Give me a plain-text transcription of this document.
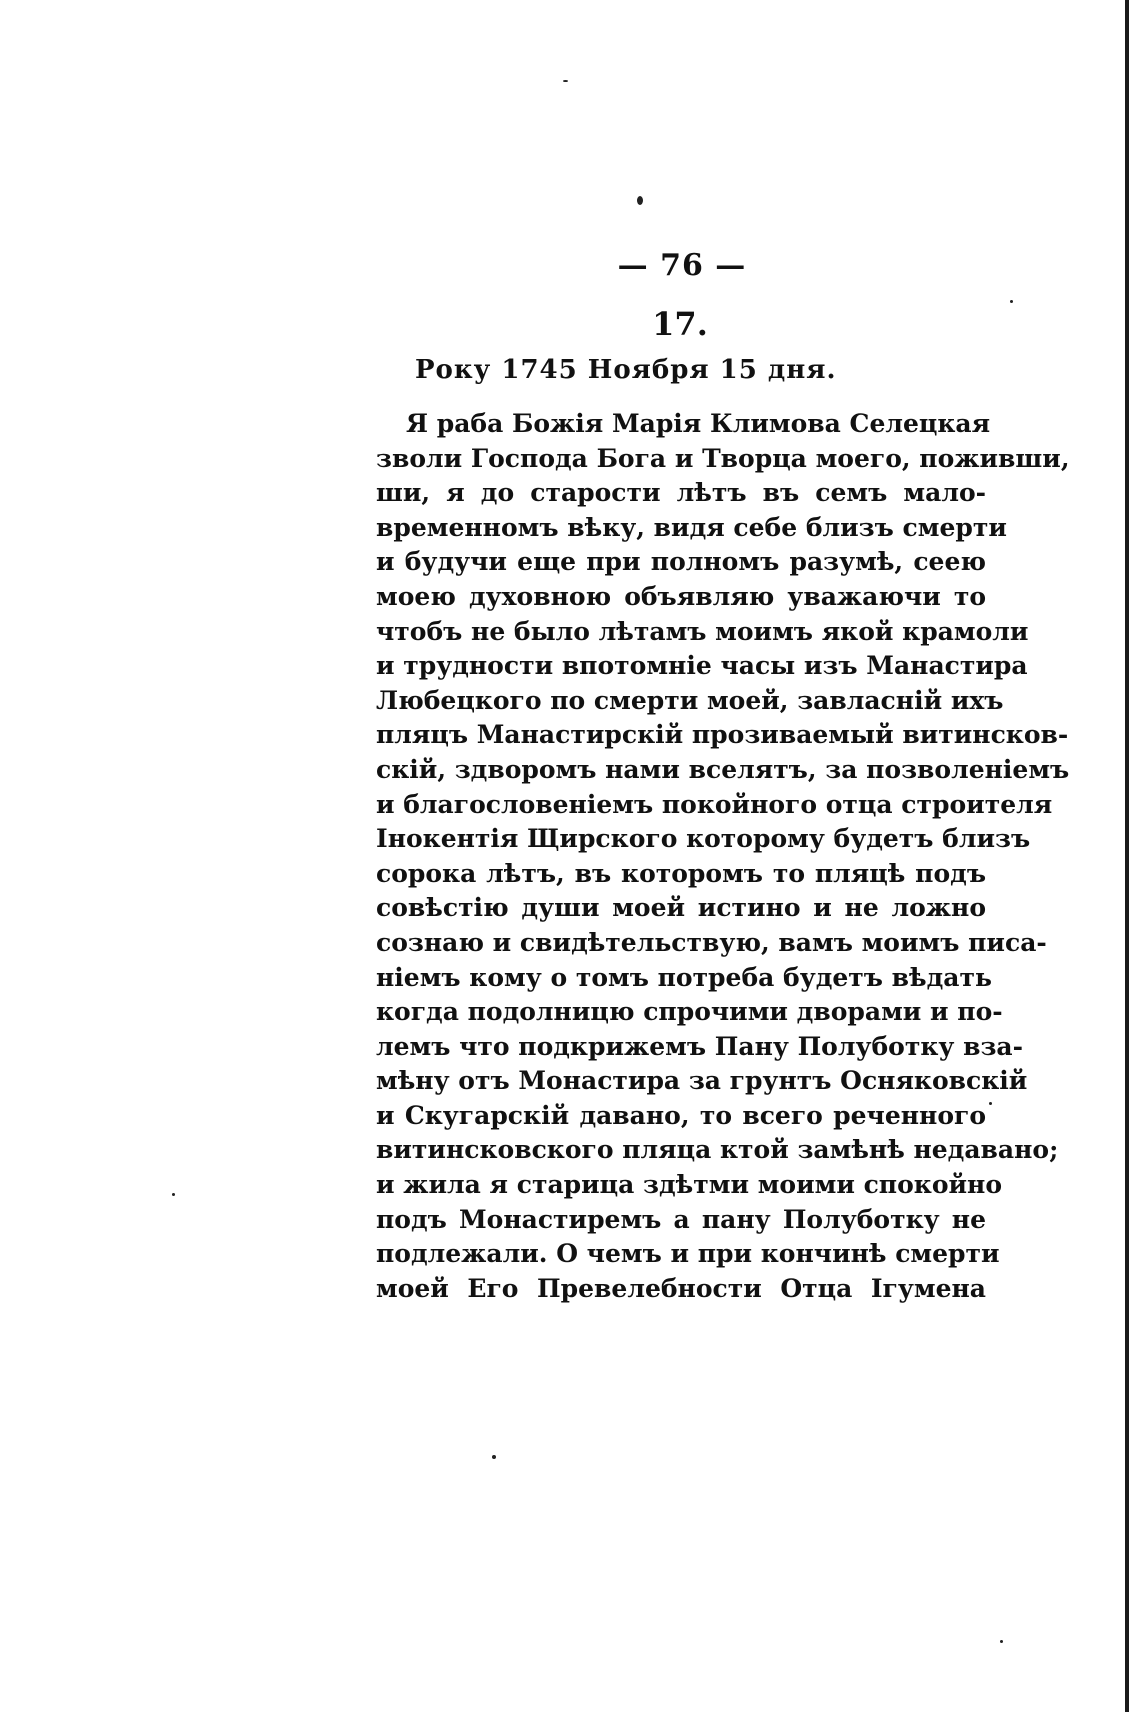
— 76 —
17.
Року 1745 Ноября 15 дня.
Я раба Божія Марія Климова Селецкая
зволи Господа Бога и Творца моего, поживши,
ши, я до старости лѣтъ въ семъ мало-
временномъ вѣку, видя себе близъ смерти
и будучи еще при полномъ разумѣ, сеею
моею духовною объявляю уважаючи то
чтобъ не было лѣтамъ моимъ якой крамоли
и трудности впотомніе часы изъ Манастира
Любецкого по смерти моей, завласній ихъ
пляцъ Манастирскій прозиваемый витинсков-
скій, здворомъ нами вселятъ, за позволеніемъ
и благословеніемъ покойного отца строителя
Інокентія Щирского которому будетъ близъ
сорока лѣтъ, въ которомъ то пляцѣ подъ
совѣстію души моей истино и не ложно
сознаю и свидѣтельствую, вамъ моимъ писа-
ніемъ кому о томъ потреба будетъ вѣдать
когда подолницю спрочими дворами и по-
лемъ что подкрижемъ Пану Полуботку вза-
мѣну отъ Монастира за грунтъ Осняковскій
и Скугарскій давано, то всего реченного
витинсковского пляца ктой замѣнѣ недавано;
и жила я старица здѣтми моими спокойно
подъ Монастиремъ а пану Полуботку не
подлежали. О чемъ и при кончинѣ смерти
моей Его Превелебности Отца Ігумена
